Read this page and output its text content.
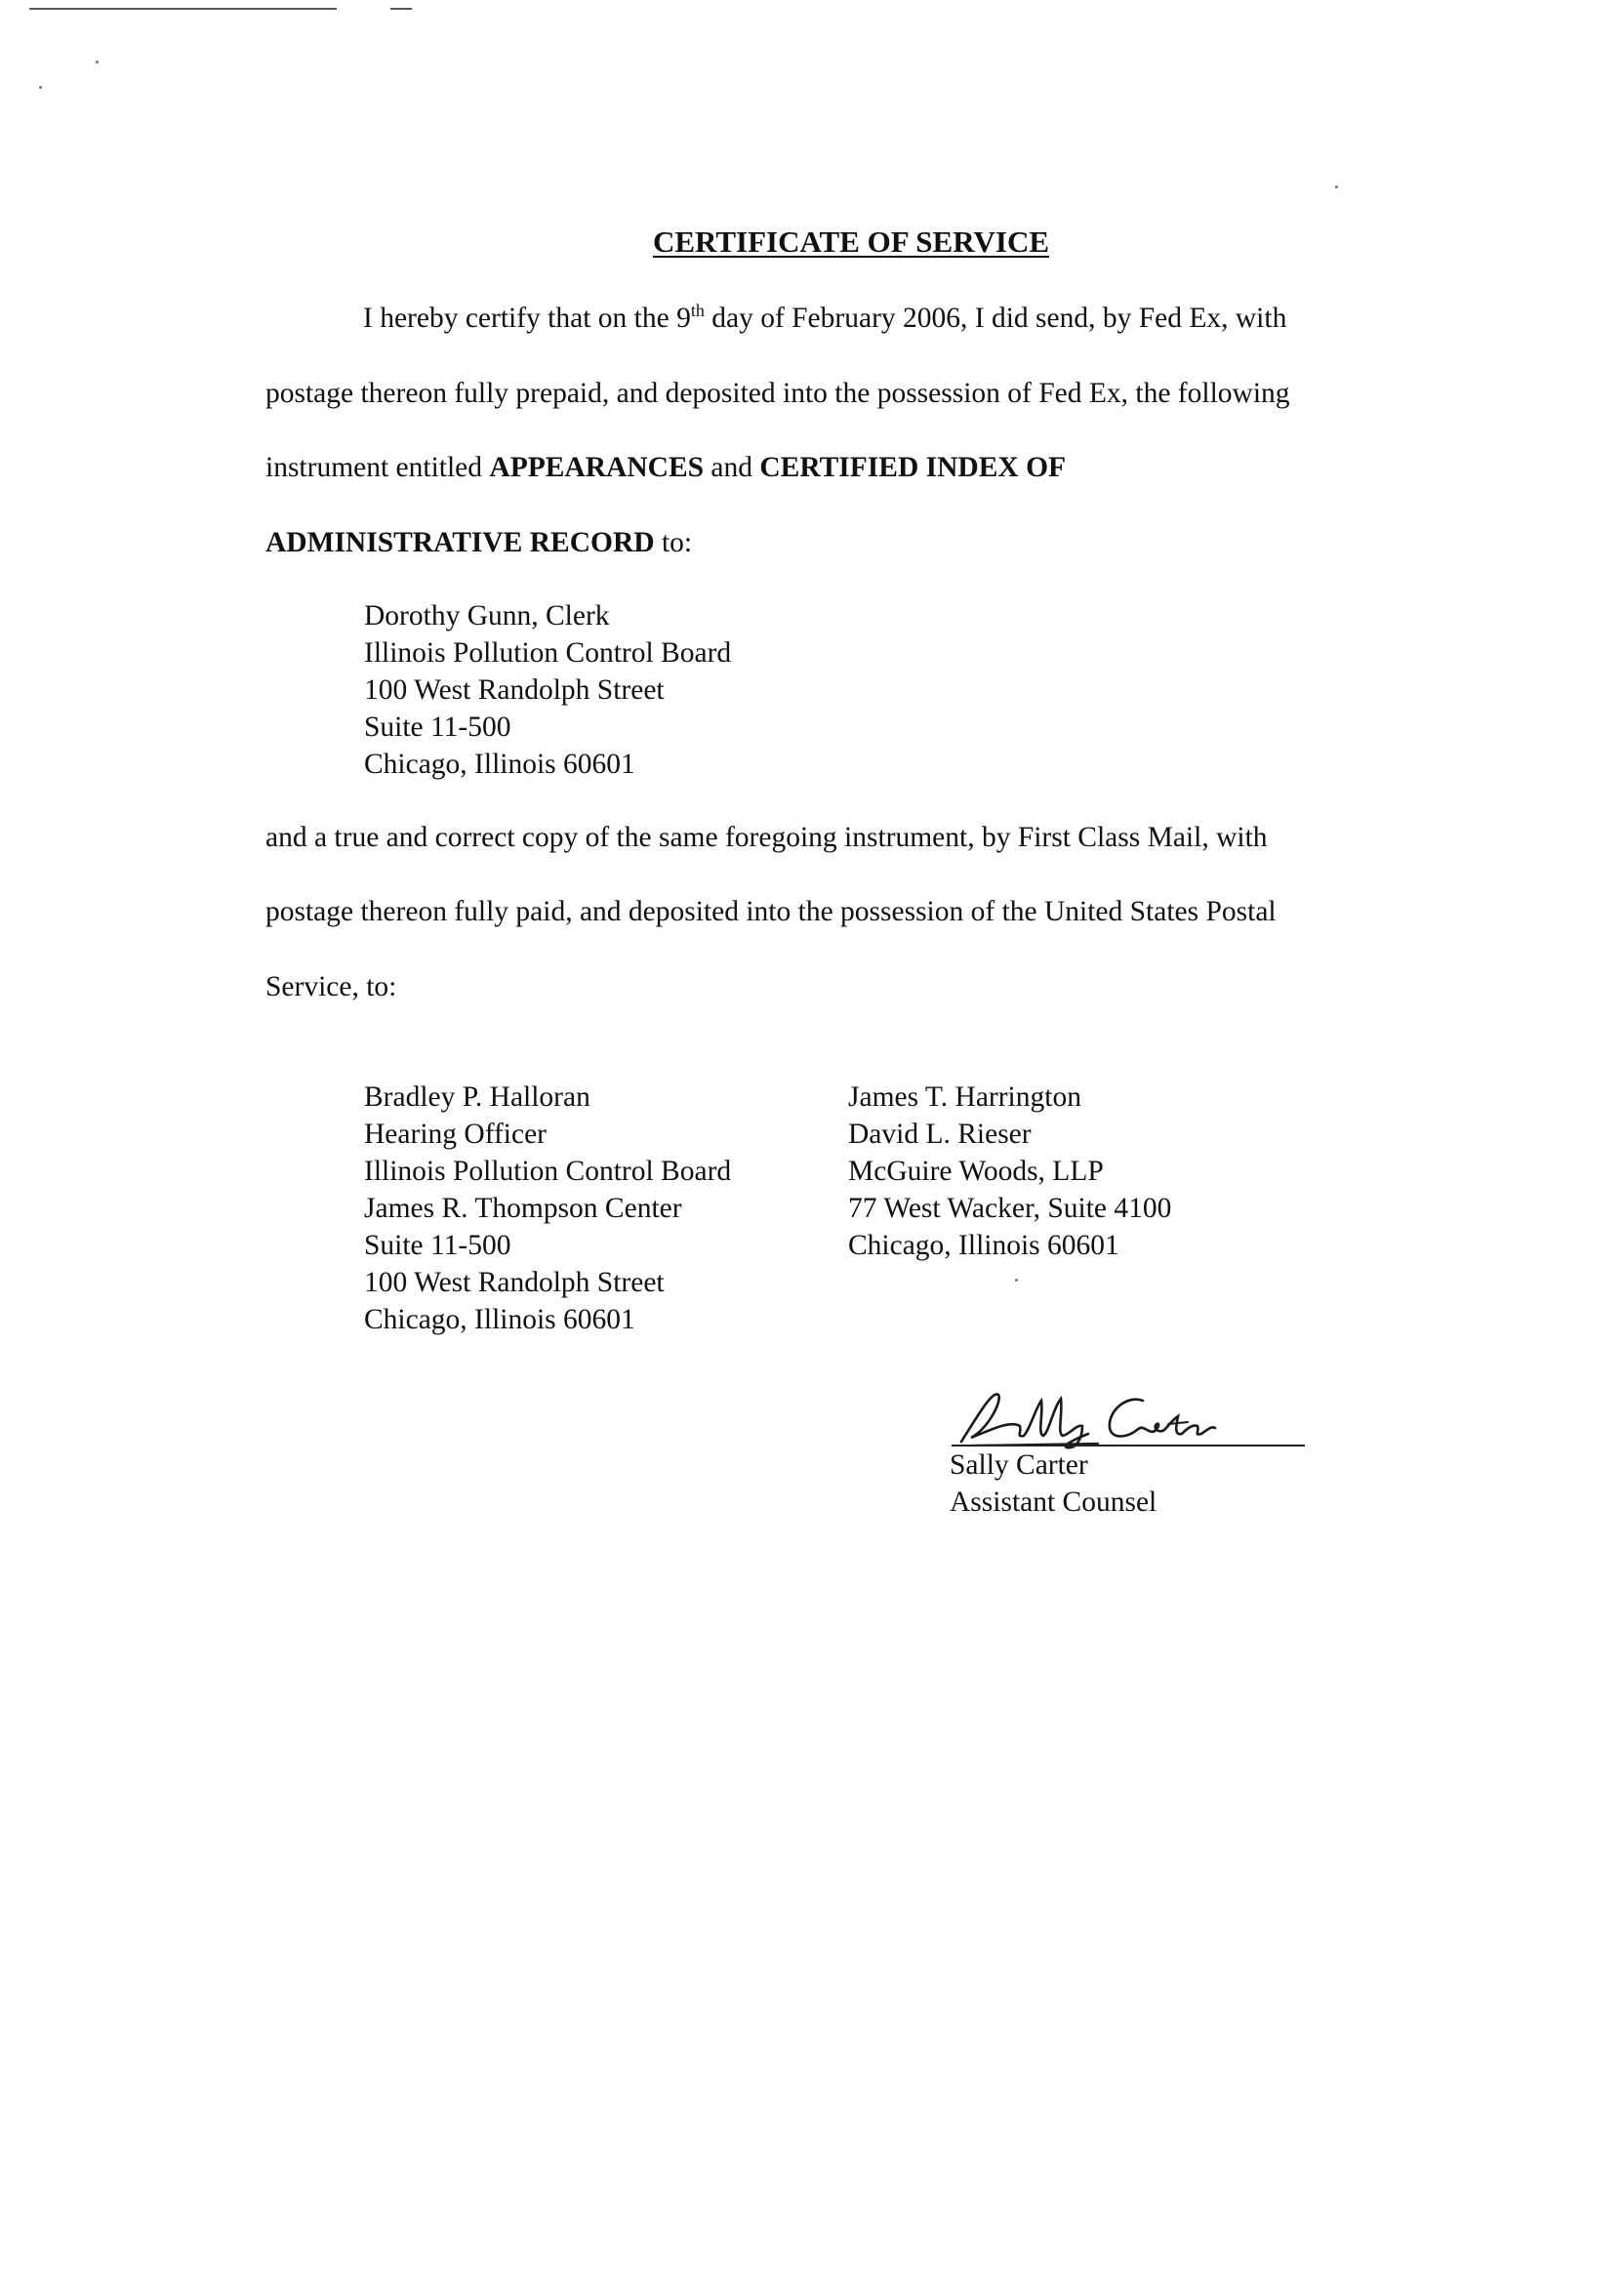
CERTIFICATE OF SERVICE
I hereby certify that on the 9th day of February 2006, I did send, by Fed Ex, with
postage thereon fully prepaid, and deposited into the possession of Fed Ex, the following
instrument entitled APPEARANCES and CERTIFIED INDEX OF
ADMINISTRATIVE RECORD to:
Dorothy Gunn, Clerk
Illinois Pollution Control Board
100 West Randolph Street
Suite 11-500
Chicago, Illinois 60601
and a true and correct copy of the same foregoing instrument, by First Class Mail, with
postage thereon fully paid, and deposited into the possession of the United States Postal
Service, to:
Bradley P. Halloran
Hearing Officer
Illinois Pollution Control Board
James R. Thompson Center
Suite 11-500
100 West Randolph Street
Chicago, Illinois 60601
James T. Harrington
David L. Rieser
McGuire Woods, LLP
77 West Wacker, Suite 4100
Chicago, Illinois 60601
Sally Carter
Assistant Counsel
